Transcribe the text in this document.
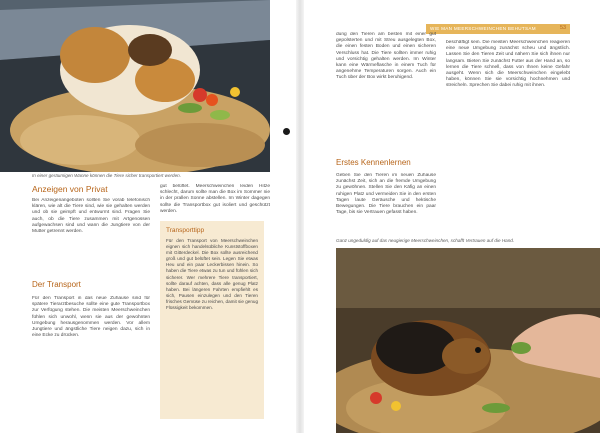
In einer geräumigen Wanne können die Tiere sicher transportiert werden.
Anzeigen von Privat
Bei Anzeigenangeboten sollten Sie vorab telefonisch klären, wie alt die Tiere sind, wie sie gehalten werden und ob sie geimpft und entwurmt sind. Fragen Sie auch, ob die Tiere zusammen mit Artgenossen aufgewachsen sind und wann die Jungtiere von der Mutter getrennt werden.
Der Transport
Für den Transport in das neue Zuhause sind für spätere Tierarztbesuche sollte eine gute Transportbox zur Verfügung stehen. Die meisten Meerschweinchen fühlen sich unwohl, wenn sie aus der gewohnten Umgebung herausgenommen werden. Vor allem Jungtiere und ängstliche Tiere neigen dazu, sich in eine Ecke zu drücken.
gut belüftet. Meerschweinchen leiden Hitze schlecht, darum sollte man die Box im Sommer nie in der prallen Sonne abstellen. Im Winter dagegen sollte die Transportbox gut isoliert und geschützt werden.
Transporttipp
Für den Transport von Meerschweinchen eignen sich handelsübliche Kunststoffboxen mit Gitterdeckel. Die Box sollte ausreichend groß und gut belüftet sein. Legen Sie etwas Heu und ein paar Leckerbissen hinein. So haben die Tiere etwas zu tun und fühlen sich sicherer. Wer mehrere Tiere transportiert, sollte darauf achten, dass alle genug Platz haben. Bei längeren Fahrten empfiehlt es sich, Pausen einzulegen und den Tieren frisches Gemüse zu reichen, damit sie genug Flüssigkeit bekommen.
WIE MAN MEERSCHWEINCHEN BEHUTSAM	53
dung den Tieren am besten mit einer gut gepolsterten und mit Streu ausgelegten Box, die einen festen Boden und einen sicheren Verschluss hat. Die Tiere sollten immer ruhig und vorsichtig gehalten werden. Im Winter kann eine Wärmeflasche in einem Tuch für angenehme Temperaturen sorgen. Auch ein Tuch über der Box wirkt beruhigend.
Erstes Kennenlernen
Geben Sie den Tieren im neuen Zuhause zunächst Zeit, sich an die fremde Umgebung zu gewöhnen. Stellen Sie den Käfig an einen ruhigen Platz und vermeiden Sie in den ersten Tagen laute Geräusche und hektische Bewegungen. Die Tiere brauchen ein paar Tage, bis sie Vertrauen gefasst haben.
beschäftigt sein. Die meisten Meerschweinchen reagieren eine neue Umgebung zunächst scheu und ängstlich. Lassen Sie den Tieren Zeit und nähern Sie sich ihnen nur langsam. Bieten Sie zunächst Futter aus der Hand an, so lernen die Tiere schnell, dass von Ihnen keine Gefahr ausgeht. Wenn sich die Meerschweinchen eingelebt haben, können Sie sie vorsichtig hochnehmen und streicheln. Sprechen Sie dabei ruhig mit ihnen.
Ganz ungeduldig auf das neugierige Meerschweinchen, schafft Vertrauen auf die Hand.
